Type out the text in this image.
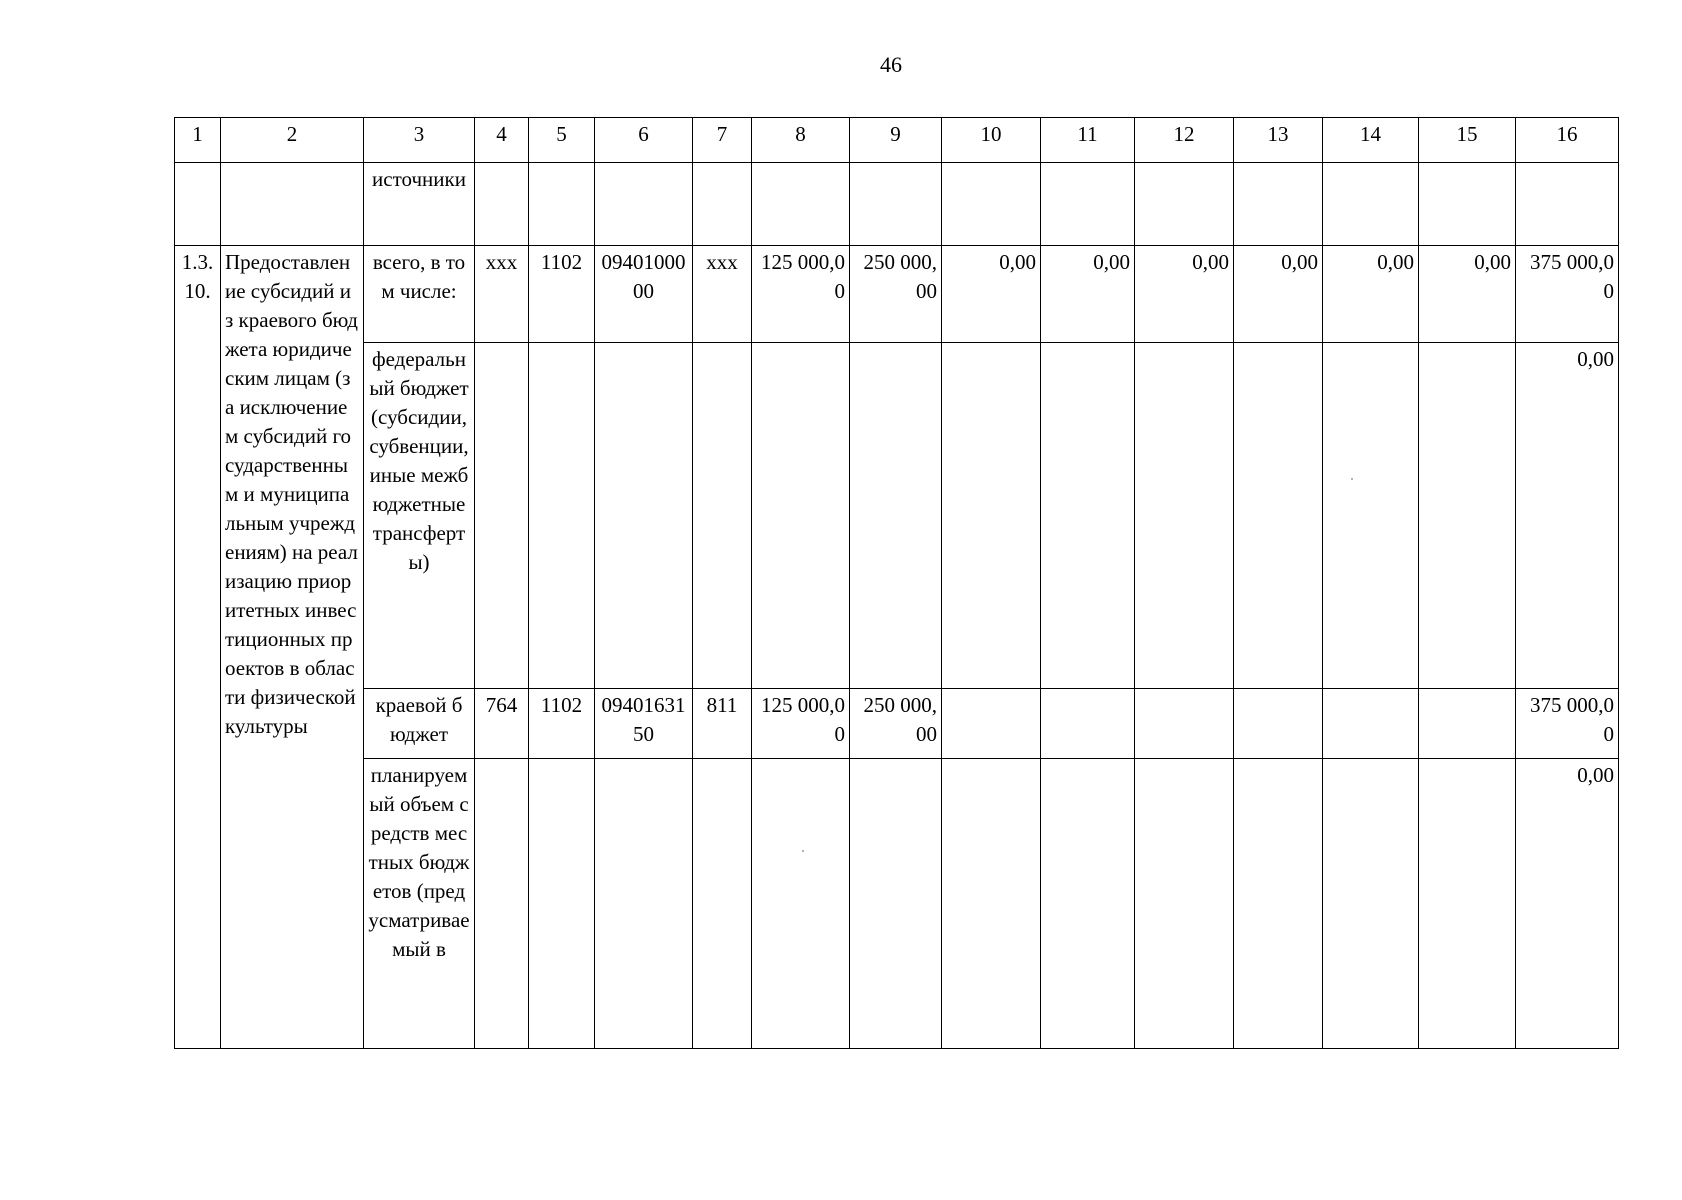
46
1	2	3	4	5	6	7	8	9	10	11	12	13	14	15	16
		источники													
1.3.10.	Предоставление субсидий из краевого бюджета юридическим лицам (за исключением субсидий государственным и муниципальным учреждениям) на реализацию приоритетных инвестиционных проектов в области физической культуры	всего, в том числе:	ххх	1102	0940100000	ххх	125 000,00	250 000,00	0,00	0,00	0,00	0,00	0,00	0,00	375 000,00
		федеральный бюджет (субсидии, субвенции, иные межбюджетные трансферты)													0,00
		краевой бюджет	764	1102	0940163150	811	125 000,00	250 000,00							375 000,00
		планируемый объем средств местных бюджетов (предусматриваемый в													0,00
